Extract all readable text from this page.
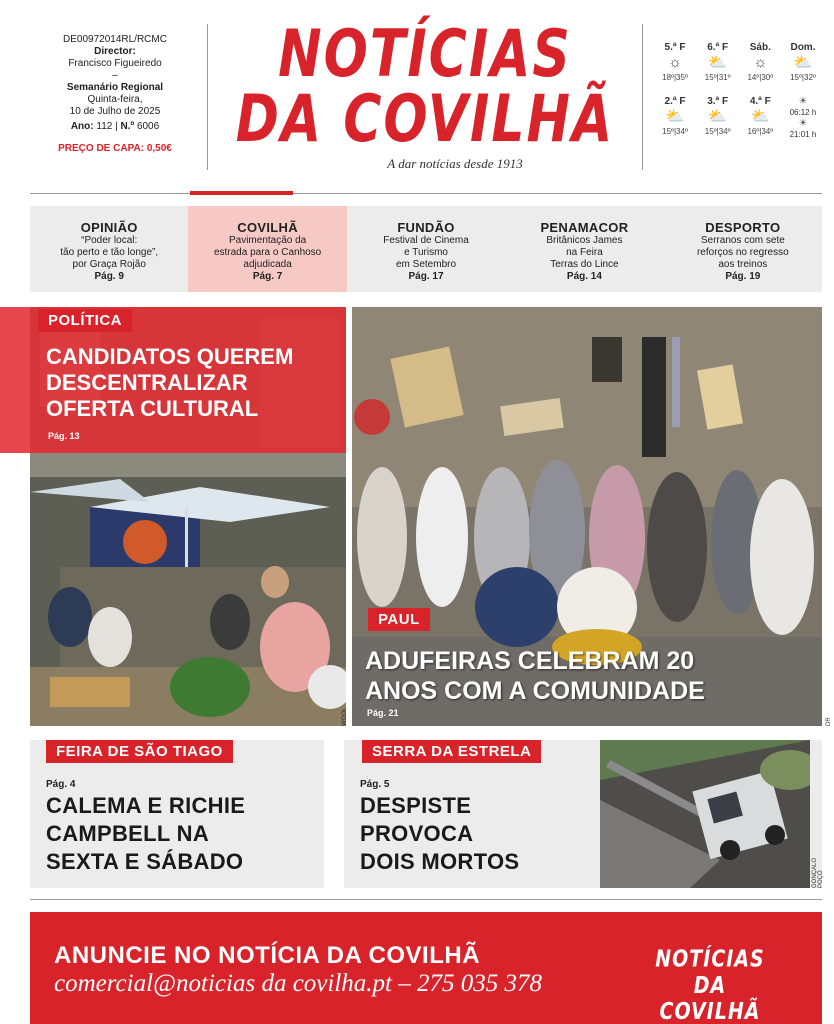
DE00972014RL/RCMC
Director:
Francisco Figueiredo
–
Semanário Regional
Quinta-feira,
10 de Julho de 2025
Ano: 112 | N.º 6006
PREÇO DE CAPA: 0,50€
NOTÍCIAS
DA COVILHÃ
A dar notícias desde 1913
5.ª F
☼
18º|35º
6.ª F
⛅
15º|31º
Sáb.
☼
14º|30º
Dom.
⛅
15º|32º
2.ª F
⛅
15º|34º
3.ª F
⛅
15º|34º
4.ª F
⛅
16º|34º
☀︎
06:12 h
☀︎
21:01 h
OPINIÃO
“Poder local:
tão perto e tão longe”,
por Graça Rojão
Pág. 9
COVILHÃ
Pavimentação da
estrada para o Canhoso
adjudicada
Pág. 7
FUNDÃO
Festival de Cinema
e Turismo
em Setembro
Pág. 17
PENAMACOR
Britânicos James
na Feira
Terras do Lince
Pág. 14
DESPORTO
Serranos com sete
reforços no regresso
aos treinos
Pág. 19
POLÍTICA
CANDIDATOS QUEREM
DESCENTRALIZAR
OFERTA CULTURAL
Pág. 13
WOOL
PAUL
ADUFEIRAS CELEBRAM 20
ANOS COM A COMUNIDADE
Pág. 21
DR
FEIRA DE SÃO TIAGO
Pág. 4
CALEMA E RICHIE
CAMPBELL NA
SEXTA E SÁBADO
SERRA DA ESTRELA
Pág. 5
DESPISTE
PROVOCA
DOIS MORTOS	GONÇALO POÇO
ANUNCIE NO NOTÍCIA DA COVILHÃ
comercial@noticias da covilha.pt – 275 035 378
NOTÍCIAS
DA COVILHÃ
